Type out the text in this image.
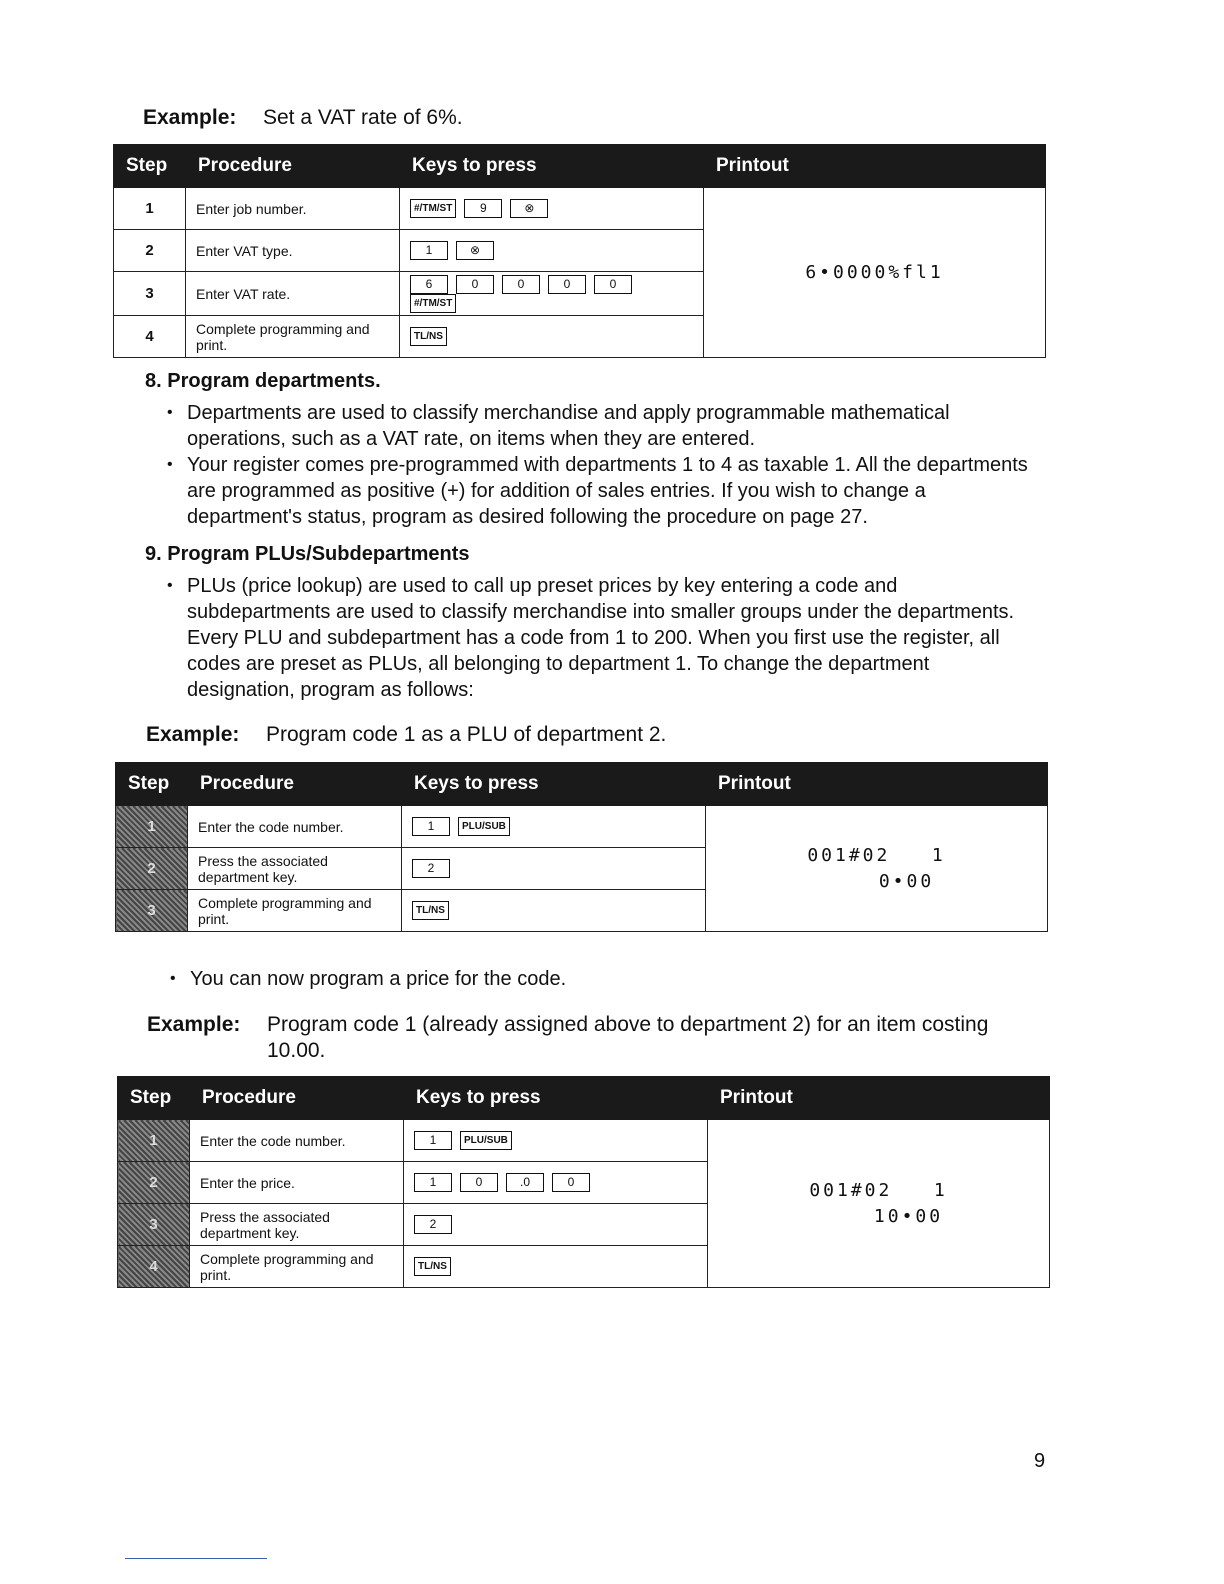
Example: Set a VAT rate of 6%.
Step	Procedure	Keys to press	Printout
1	Enter job number.	#/TM/ST 9 ⊗	6•0000%fl1

2	Enter VAT type.	1 ⊗	
3	Enter VAT rate.	6 0 0 0 0#/TM/ST	
4	Complete programming and print.	TL/NS	
8. Program departments.
• Departments are used to classify merchandise and apply programmable mathematical operations, such as a VAT rate, on items when they are entered.
• Your register comes pre-programmed with departments 1 to 4 as taxable 1. All the departments are programmed as positive (+) for addition of sales entries. If you wish to change a department's status, program as desired following the procedure on page 27.
9. Program PLUs/Subdepartments
• PLUs (price lookup) are used to call up preset prices by key entering a code and subdepartments are used to classify merchandise into smaller groups under the departments. Every PLU and subdepartment has a code from 1 to 200. When you first use the register, all codes are preset as PLUs, all belonging to department 1. To change the department designation, program as follows:
Example: Program code 1 as a PLU of department 2.
Step	Procedure	Keys to press	Printout
1	Enter the code number.	1 PLU/SUB	001#02   1
0•00

2	Press the associated department key.	2	
3	Complete programming and print.	TL/NS	
• You can now program a price for the code.
Example: Program code 1 (already assigned above to department 2) for an item costing
10.00.
Step	Procedure	Keys to press	Printout
1	Enter the code number.	1 PLU/SUB	001#02   1
10•00

2	Enter the price.	1 0 .0 0	
3	Press the associated department key.	2	
4	Complete programming and print.	TL/NS	
9
